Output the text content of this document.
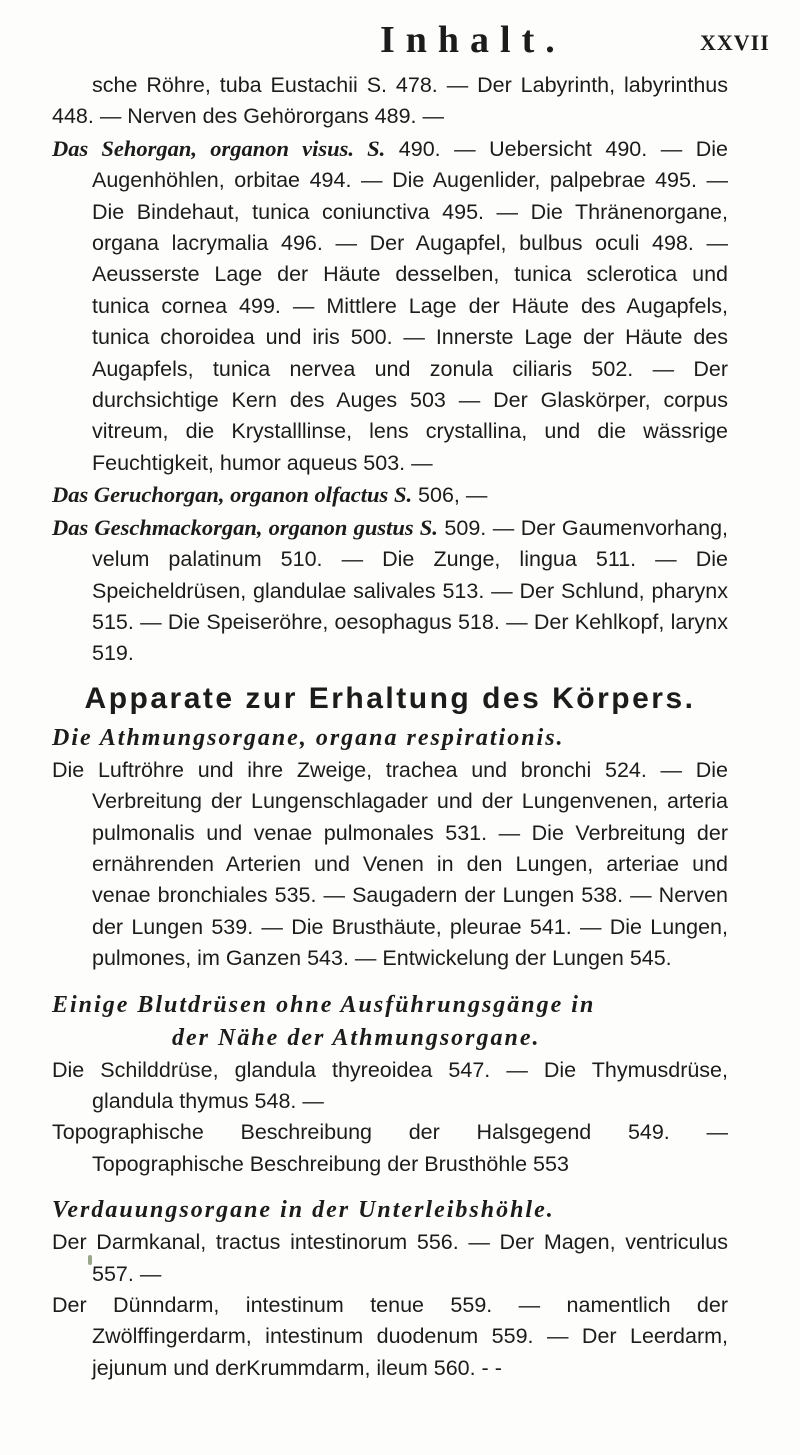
Inhalt.	XXVII

sche Röhre, tuba Eustachii S. 478. — Der Labyrinth, labyrinthus 448. — Nerven des Gehörorgans 489. —

Das Sehorgan, organon visus. S. 490. — Uebersicht 490. — Die Augenhöhlen, orbitae 494. — Die Augenlider, palpebrae 495. — Die Bindehaut, tunica coniunctiva 495. — Die Thränenorgane, organa lacrymalia 496. — Der Augapfel, bulbus oculi 498. — Aeusserste Lage der Häute desselben, tunica sclerotica und tunica cornea 499. — Mittlere Lage der Häute des Augapfels, tunica choroidea und iris 500. — Innerste Lage der Häute des Augapfels, tunica nervea und zonula ciliaris 502. — Der durchsichtige Kern des Auges 503 — Der Glaskörper, corpus vitreum, die Krystalllinse, lens crystallina, und die wässrige Feuchtigkeit, humor aqueus 503. —

Das Geruchorgan, organon olfactus S. 506, —

Das Geschmackorgan, organon gustus S. 509. — Der Gaumenvorhang, velum palatinum 510. — Die Zunge, lingua 511. — Die Speicheldrüsen, glandulae salivales 513. — Der Schlund, pharynx 515. — Die Speiseröhre, oesophagus 518. — Der Kehlkopf, larynx 519.

Apparate zur Erhaltung des Körpers.
Die Athmungsorgane, organa respirationis.

Die Luftröhre und ihre Zweige, trachea und bronchi 524. — Die Verbreitung der Lungenschlagader und der Lungenvenen, arteria pulmonalis und venae pulmonales 531. — Die Verbreitung der ernährenden Arterien und Venen in den Lungen, arteriae und venae bronchiales 535. — Saugadern der Lungen 538. — Nerven der Lungen 539. — Die Brusthäute, pleurae 541. — Die Lungen, pulmones, im Ganzen 543. — Entwickelung der Lungen 545.

Einige Blutdrüsen ohne Ausführungsgänge in
der Nähe der Athmungsorgane.

Die Schilddrüse, glandula thyreoidea 547. — Die Thymusdrüse, glandula thymus 548. —

Topographische Beschreibung der Halsgegend 549. — Topographische Beschreibung der Brusthöhle 553

Verdauungsorgane in der Unterleibshöhle.

Der Darmkanal, tractus intestinorum 556. — Der Magen, ventriculus 557. —

Der Dünndarm, intestinum tenue 559. — namentlich der Zwölffingerdarm, intestinum duodenum 559. — Der Leerdarm, jejunum und derKrummdarm, ileum 560. - -
